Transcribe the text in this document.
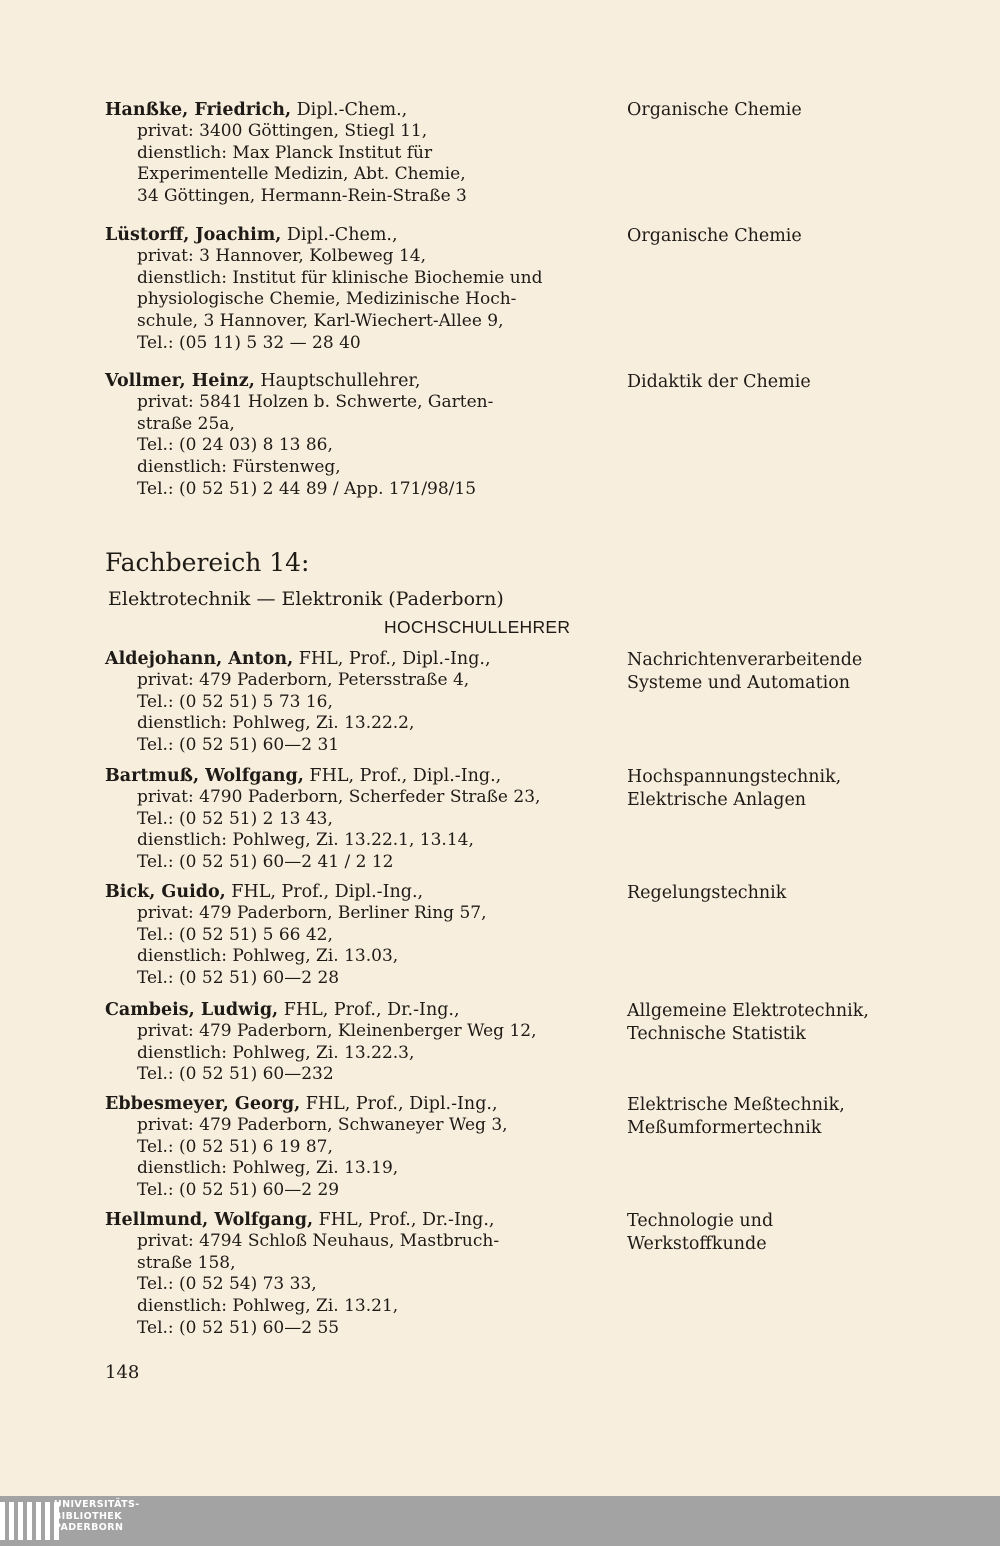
Hanßke, Friedrich, Dipl.-Chem.,
privat: 3400 Göttingen, Stiegl 11,
dienstlich: Max Planck Institut für
Experimentelle Medizin, Abt. Chemie,
34 Göttingen, Hermann-Rein-Straße 3
Organische Chemie
Lüstorff, Joachim, Dipl.-Chem.,
privat: 3 Hannover, Kolbeweg 14,
dienstlich: Institut für klinische Biochemie und
physiologische Chemie, Medizinische Hoch-
schule, 3 Hannover, Karl-Wiechert-Allee 9,
Tel.: (05 11) 5 32 — 28 40
Organische Chemie
Vollmer, Heinz, Hauptschullehrer,
privat: 5841 Holzen b. Schwerte, Garten-
straße 25a,
Tel.: (0 24 03) 8 13 86,
dienstlich: Fürstenweg,
Tel.: (0 52 51) 2 44 89 / App. 171/98/15
Didaktik der Chemie
Fachbereich 14:
Elektrotechnik — Elektronik (Paderborn)
HOCHSCHULLEHRER
Aldejohann, Anton, FHL, Prof., Dipl.-Ing.,
privat: 479 Paderborn, Petersstraße 4,
Tel.: (0 52 51) 5 73 16,
dienstlich: Pohlweg, Zi. 13.22.2,
Tel.: (0 52 51) 60—2 31
Nachrichtenverarbeitende
Systeme und Automation
Bartmuß, Wolfgang, FHL, Prof., Dipl.-Ing.,
privat: 4790 Paderborn, Scherfeder Straße 23,
Tel.: (0 52 51) 2 13 43,
dienstlich: Pohlweg, Zi. 13.22.1, 13.14,
Tel.: (0 52 51) 60—2 41 / 2 12
Hochspannungstechnik,
Elektrische Anlagen
Bick, Guido, FHL, Prof., Dipl.-Ing.,
privat: 479 Paderborn, Berliner Ring 57,
Tel.: (0 52 51) 5 66 42,
dienstlich: Pohlweg, Zi. 13.03,
Tel.: (0 52 51) 60—2 28
Regelungstechnik
Cambeis, Ludwig, FHL, Prof., Dr.-Ing.,
privat: 479 Paderborn, Kleinenberger Weg 12,
dienstlich: Pohlweg, Zi. 13.22.3,
Tel.: (0 52 51) 60—232
Allgemeine Elektrotechnik,
Technische Statistik
Ebbesmeyer, Georg, FHL, Prof., Dipl.-Ing.,
privat: 479 Paderborn, Schwaneyer Weg 3,
Tel.: (0 52 51) 6 19 87,
dienstlich: Pohlweg, Zi. 13.19,
Tel.: (0 52 51) 60—2 29
Elektrische Meßtechnik,
Meßumformertechnik
Hellmund, Wolfgang, FHL, Prof., Dr.-Ing.,
privat: 4794 Schloß Neuhaus, Mastbruch-
straße 158,
Tel.: (0 52 54) 73 33,
dienstlich: Pohlweg, Zi. 13.21,
Tel.: (0 52 51) 60—2 55
Technologie und
Werkstoffkunde
148
UNIVERSITÄTS-
BIBLIOTHEK
PADERBORN
